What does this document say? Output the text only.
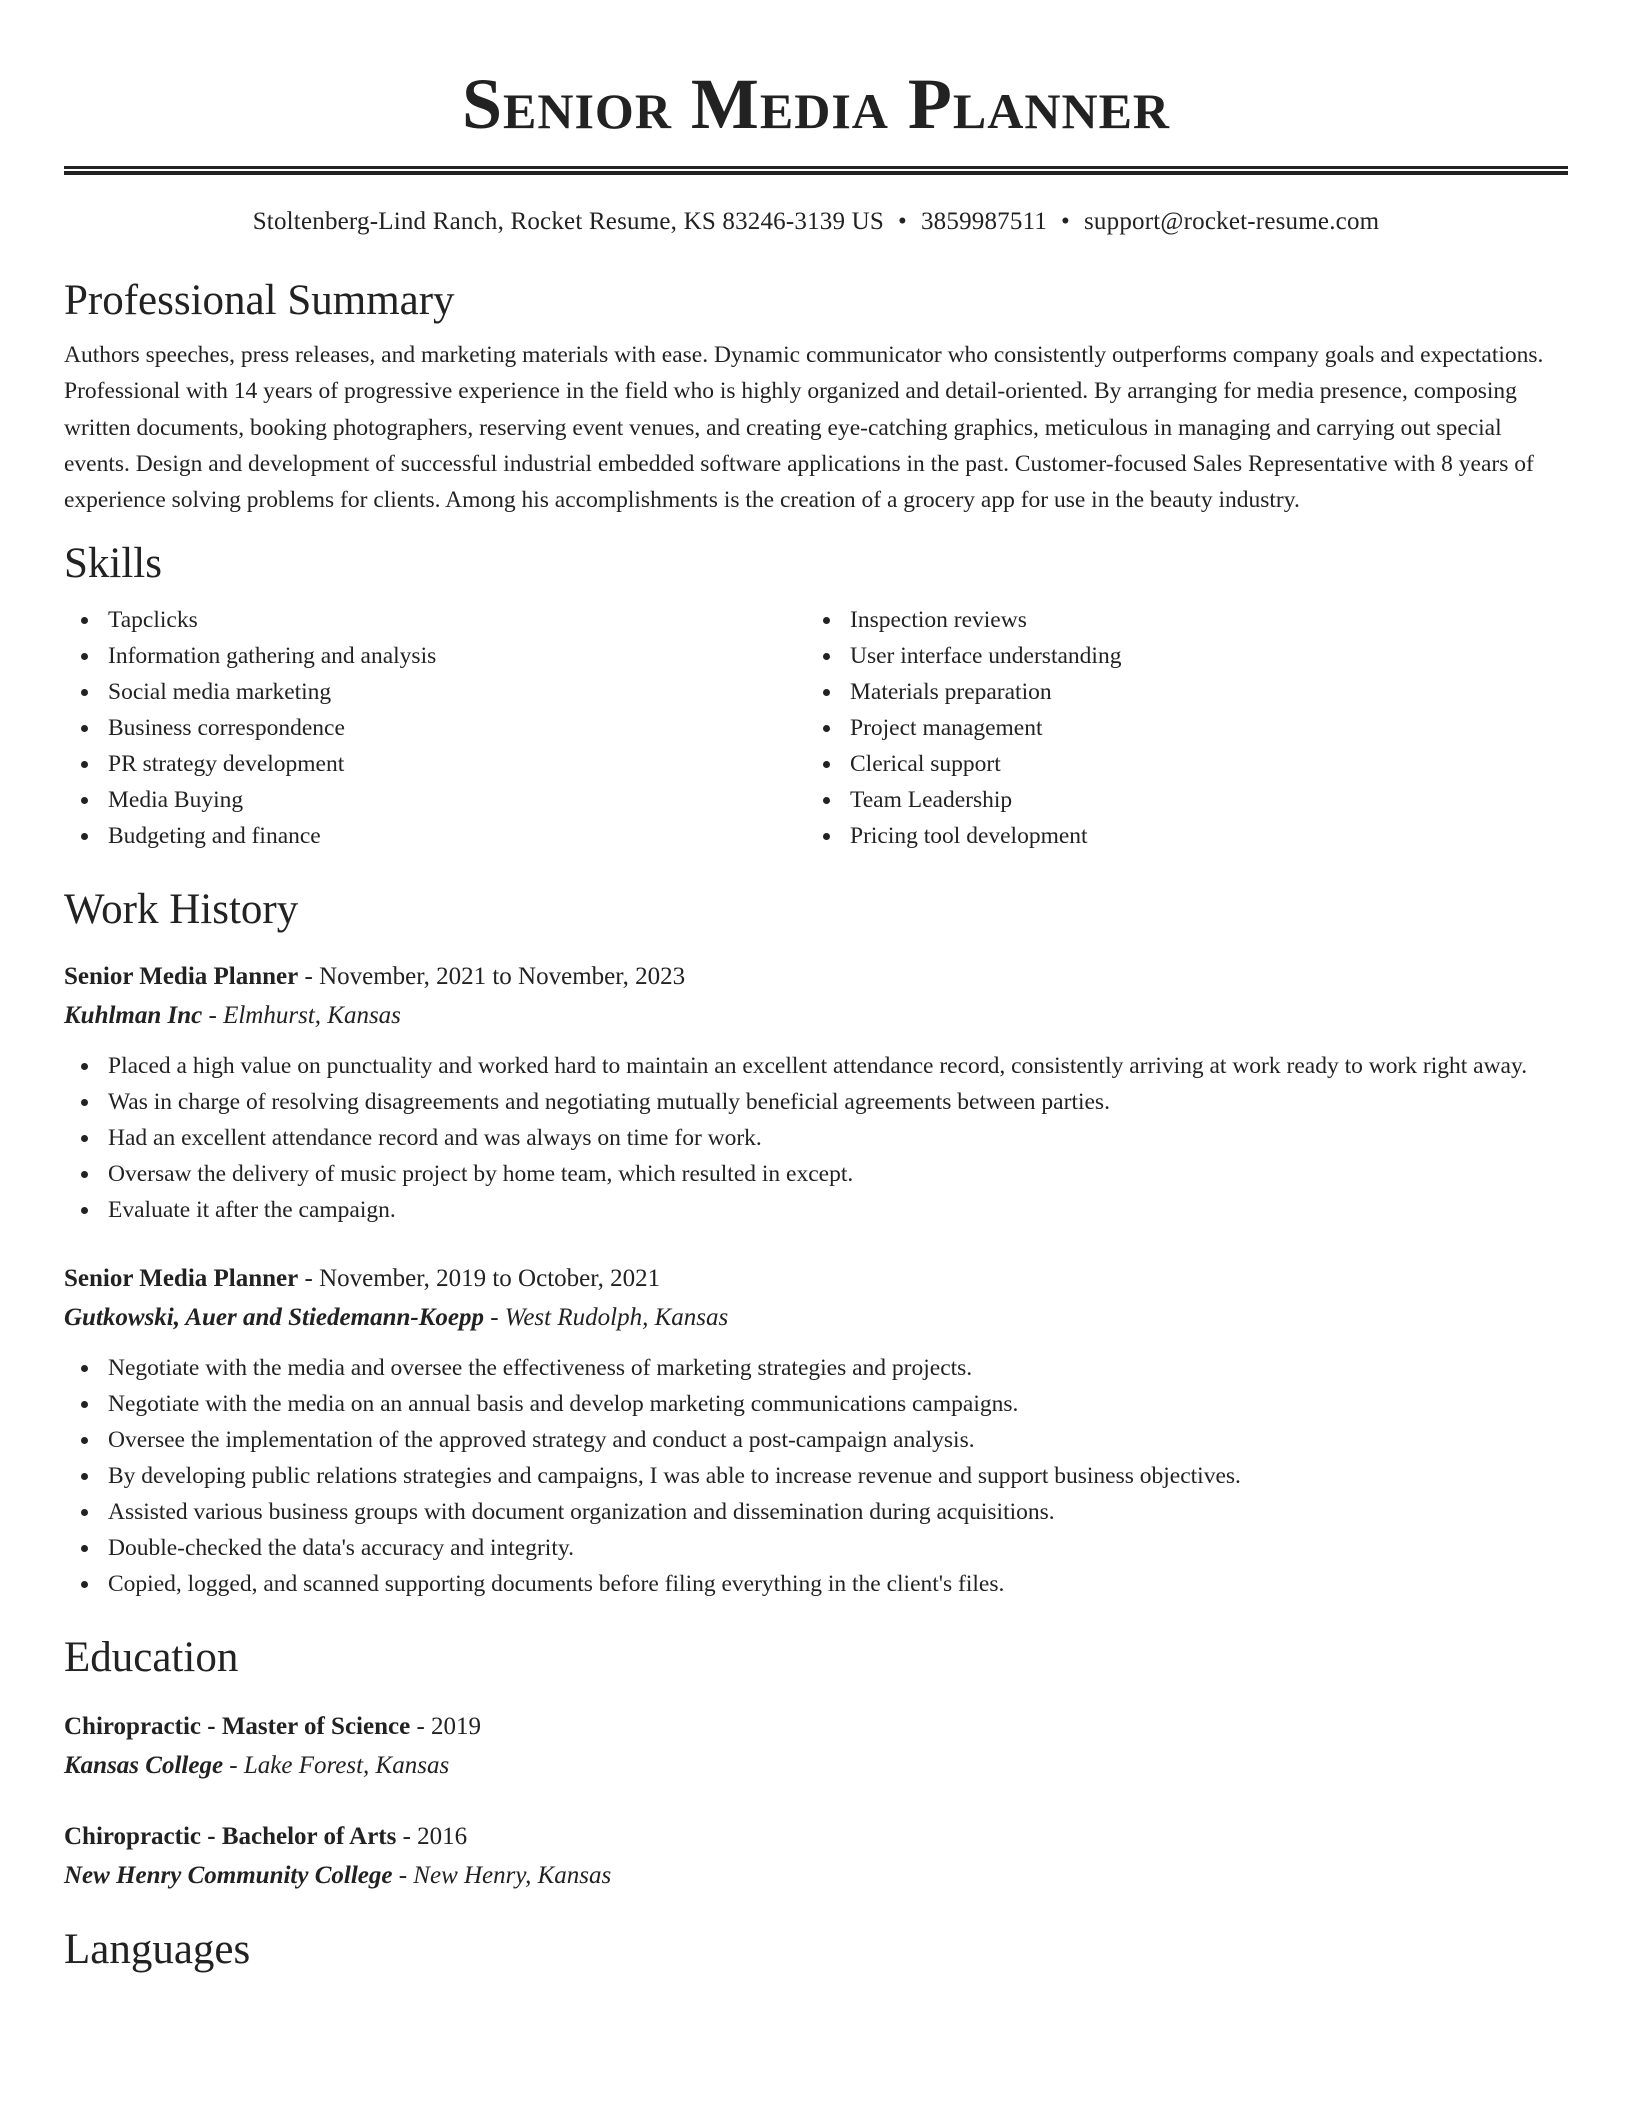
Senior Media Planner
Stoltenberg-Lind Ranch, Rocket Resume, KS 83246-3139 US • 3859987511 • support@rocket-resume.com
Professional Summary

Authors speeches, press releases, and marketing materials with ease. Dynamic communicator who consistently outperforms company goals and expectations. Professional with 14 years of progressive experience in the field who is highly organized and detail-oriented. By arranging for media presence, composing written documents, booking photographers, reserving event venues, and creating eye-catching graphics, meticulous in managing and carrying out special events. Design and development of successful industrial embedded software applications in the past. Customer-focused Sales Representative with 8 years of experience solving problems for clients. Among his accomplishments is the creation of a grocery app for use in the beauty industry.

Skills
Tapclicks
Information gathering and analysis
Social media marketing
Business correspondence
PR strategy development
Media Buying
Budgeting and finance
Inspection reviews
User interface understanding
Materials preparation
Project management
Clerical support
Team Leadership
Pricing tool development
Work History
Senior Media Planner - November, 2021 to November, 2023
Kuhlman Inc - Elmhurst, Kansas
Placed a high value on punctuality and worked hard to maintain an excellent attendance record, consistently arriving at work ready to work right away.
Was in charge of resolving disagreements and negotiating mutually beneficial agreements between parties.
Had an excellent attendance record and was always on time for work.
Oversaw the delivery of music project by home team, which resulted in except.
Evaluate it after the campaign.
Senior Media Planner - November, 2019 to October, 2021
Gutkowski, Auer and Stiedemann-Koepp - West Rudolph, Kansas
Negotiate with the media and oversee the effectiveness of marketing strategies and projects.
Negotiate with the media on an annual basis and develop marketing communications campaigns.
Oversee the implementation of the approved strategy and conduct a post-campaign analysis.
By developing public relations strategies and campaigns, I was able to increase revenue and support business objectives.
Assisted various business groups with document organization and dissemination during acquisitions.
Double-checked the data's accuracy and integrity.
Copied, logged, and scanned supporting documents before filing everything in the client's files.
Education
Chiropractic - Master of Science - 2019
Kansas College - Lake Forest, Kansas
Chiropractic - Bachelor of Arts - 2016
New Henry Community College - New Henry, Kansas
Languages
